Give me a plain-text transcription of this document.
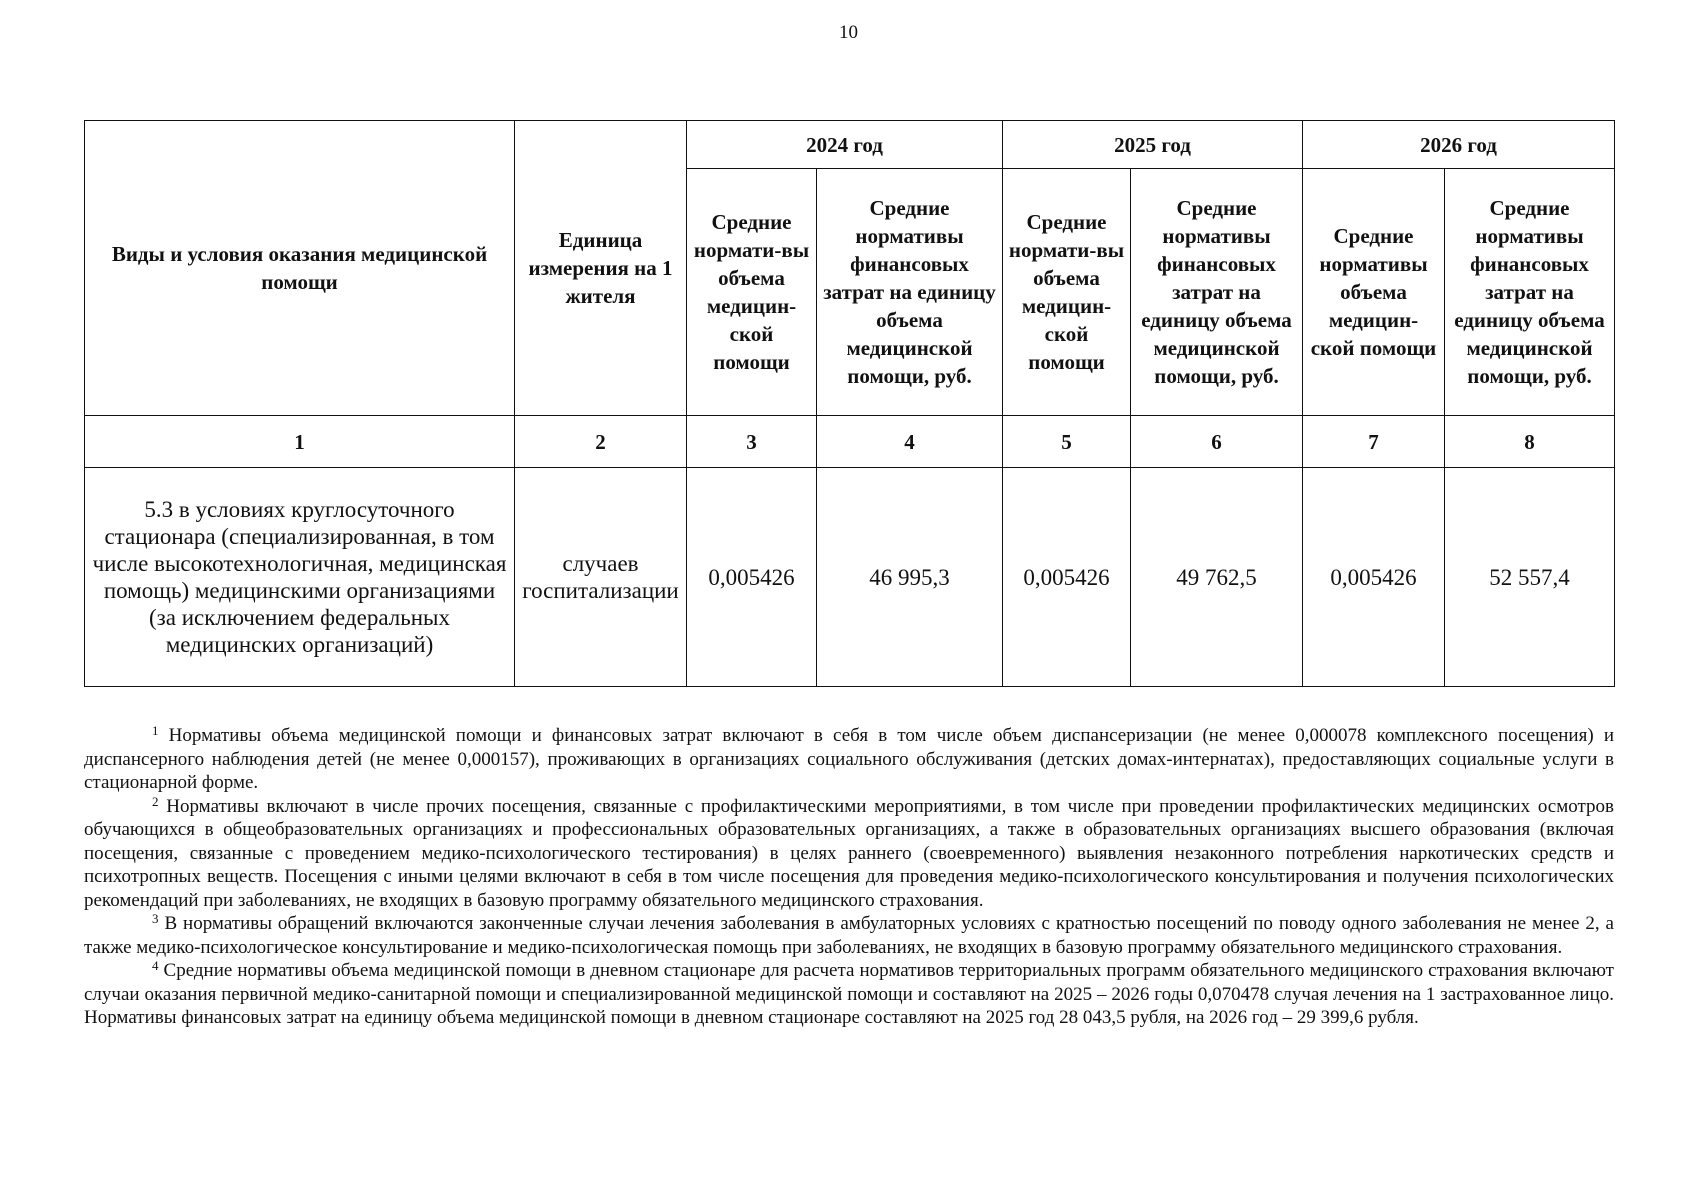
10
Виды и условия оказания медицинской помощи	Единица измерения на 1 жителя	2024 год		2025 год		2026 год	
		Средние нормати-вы объема медицин-ской помощи	Средние нормативы финансовых затрат на единицу объема медицинской помощи, руб.	Средние нормати-вы объема медицин-ской помощи	Средние нормативы финансовых затрат на единицу объема медицинской помощи, руб.	Средние нормативы объема медицин-ской помощи	Средние нормативы финансовых затрат на единицу объема медицинской помощи, руб.
1	2	3	4	5	6	7	8
5.3 в условиях круглосуточного стационара (специализированная, в том числе высокотехнологичная, медицинская помощь) медицинскими организациями (за исключением федеральных медицинских организаций)	случаев госпитализации	0,005426	46 995,3	0,005426	49 762,5	0,005426	52 557,4

$^1$ Нормативы объема медицинской помощи и финансовых затрат включают в себя в том числе объем диспансеризации (не менее 0,000078 комплексного посещения) и диспансерного наблюдения детей (не менее 0,000157), проживающих в организациях социального обслуживания (детских домах-интернатах), предоставляющих социальные услуги в стационарной форме.

$^2$ Нормативы включают в числе прочих посещения, связанные с профилактическими мероприятиями, в том числе при проведении профилактических медицинских осмотров обучающихся в общеобразовательных организациях и профессиональных образовательных организациях, а также в образовательных организациях высшего образования (включая посещения, связанные с проведением медико-психологического тестирования) в целях раннего (своевременного) выявления незаконного потребления наркотических средств и психотропных веществ. Посещения с иными целями включают в себя в том числе посещения для проведения медико-психологического консультирования и получения психологических рекомендаций при заболеваниях, не входящих в базовую программу обязательного медицинского страхования.

$^3$ В нормативы обращений включаются законченные случаи лечения заболевания в амбулаторных условиях с кратностью посещений по поводу одного заболевания не менее 2, а также медико-психологическое консультирование и медико-психологическая помощь при заболеваниях, не входящих в базовую программу обязательного медицинского страхования.

$^4$ Средние нормативы объема медицинской помощи в дневном стационаре для расчета нормативов территориальных программ обязательного медицинского страхования включают случаи оказания первичной медико-санитарной помощи и специализированной медицинской помощи и составляют на 2025 – 2026 годы 0,070478 случая лечения на 1 застрахованное лицо. Нормативы финансовых затрат на единицу объема медицинской помощи в дневном стационаре составляют на 2025 год 28 043,5 рубля, на 2026 год – 29 399,6 рубля.
